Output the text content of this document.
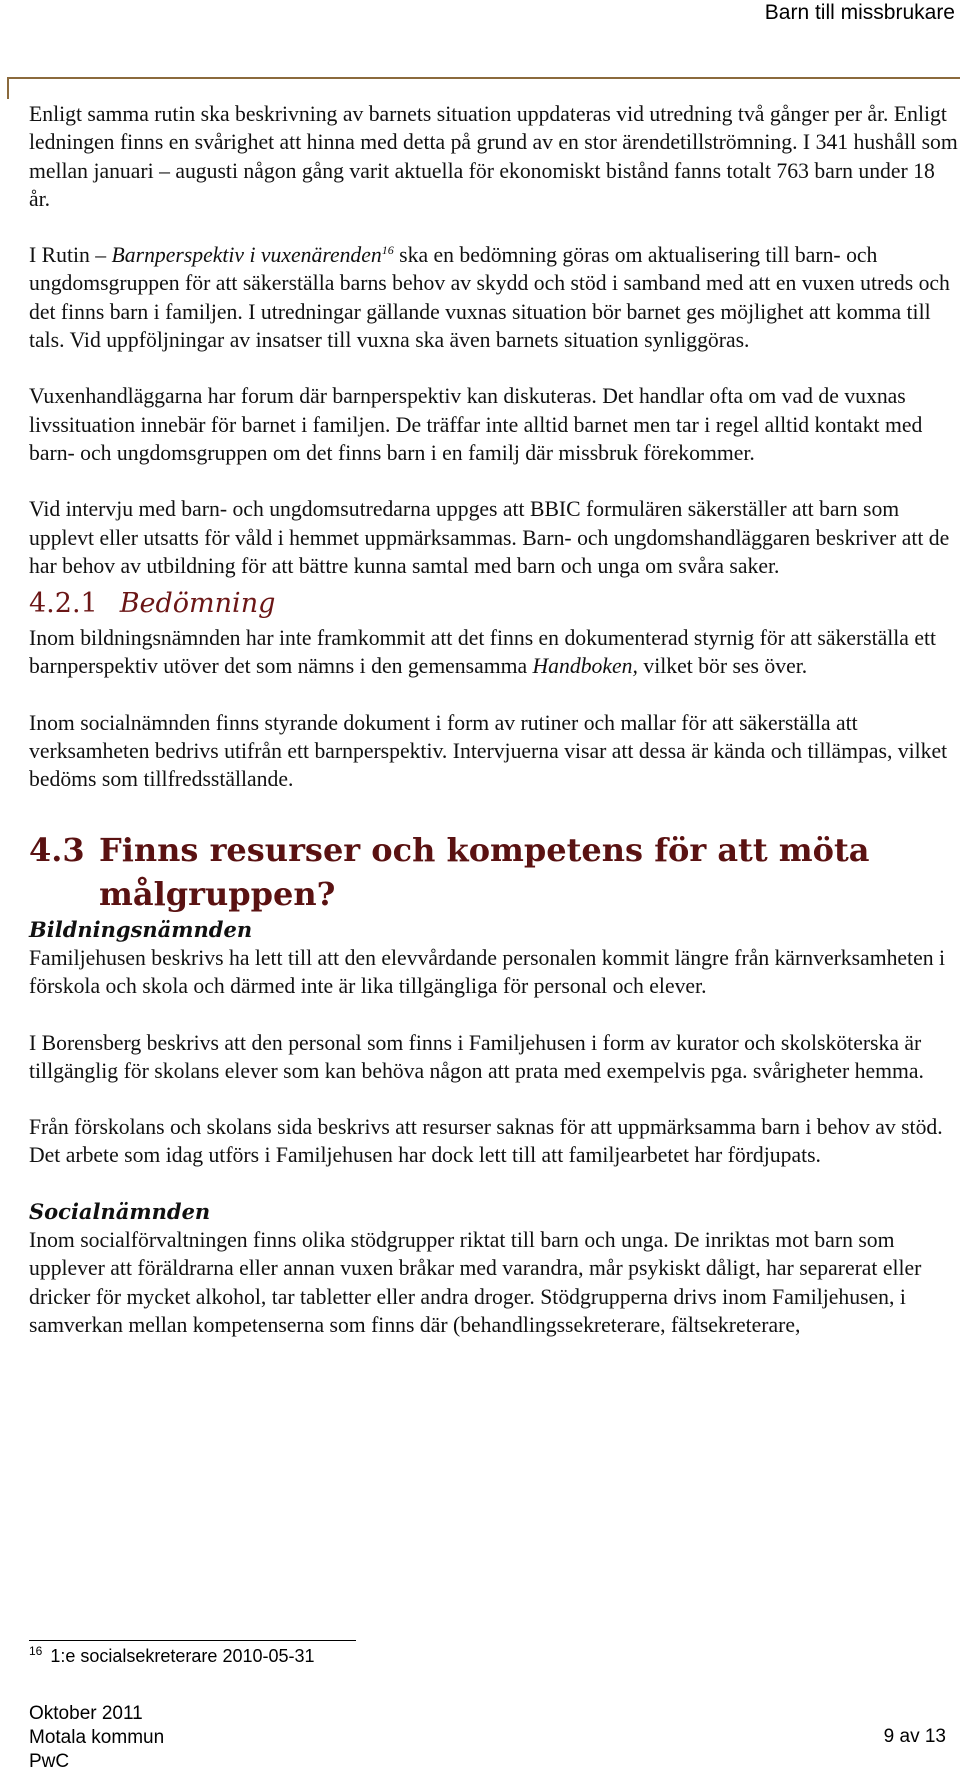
Barn till missbrukare

Enligt samma rutin ska beskrivning av barnets situation uppdateras vid utredning två gånger per år. Enligt ledningen finns en svårighet att hinna med detta på grund av en stor ärendetillströmning. I 341 hushåll som mellan januari – augusti någon gång varit aktuella för ekonomiskt bistånd fanns totalt 763 barn under 18 år.

I Rutin – Barnperspektiv i vuxenärenden$^{16}$ ska en bedömning göras om aktualisering till barn- och ungdomsgruppen för att säkerställa barns behov av skydd och stöd i samband med att en vuxen utreds och det finns barn i familjen. I utredningar gällande vuxnas situation bör barnet ges möjlighet att komma till tals. Vid uppföljningar av insatser till vuxna ska även barnets situation synliggöras.

Vuxenhandläggarna har forum där barnperspektiv kan diskuteras. Det handlar ofta om vad de vuxnas livssituation innebär för barnet i familjen. De träffar inte alltid barnet men tar i regel alltid kontakt med barn- och ungdomsgruppen om det finns barn i en familj där missbruk förekommer.

Vid intervju med barn- och ungdomsutredarna uppges att BBIC formulären säkerställer att barn som upplevt eller utsatts för våld i hemmet uppmärksammas. Barn- och ungdomshandläggaren beskriver att de har behov av utbildning för att bättre kunna samtal med barn och unga om svåra saker.

4.2.1 Bedömning

Inom bildningsnämnden har inte framkommit att det finns en dokumenterad styrnig för att säkerställa ett barnperspektiv utöver det som nämns i den gemensamma Handboken, vilket bör ses över.

Inom socialnämnden finns styrande dokument i form av rutiner och mallar för att säkerställa att verksamheten bedrivs utifrån ett barnperspektiv. Intervjuerna visar att dessa är kända och tillämpas, vilket bedöms som tillfredsställande.

4.3 Finns resurser och kompetens för att möta målgruppen?

Bildningsnämnden

Familjehusen beskrivs ha lett till att den elevvårdande personalen kommit längre från kärnverksamheten i förskola och skola och därmed inte är lika tillgängliga för personal och elever.

I Borensberg beskrivs att den personal som finns i Familjehusen i form av kurator och skolsköterska är tillgänglig för skolans elever som kan behöva någon att prata med exempelvis pga. svårigheter hemma.

Från förskolans och skolans sida beskrivs att resurser saknas för att uppmärksamma barn i behov av stöd. Det arbete som idag utförs i Familjehusen har dock lett till att familjearbetet har fördjupats.

Socialnämnden

Inom socialförvaltningen finns olika stödgrupper riktat till barn och unga. De inriktas mot barn som upplever att föräldrarna eller annan vuxen bråkar med varandra, mår psykiskt dåligt, har separerat eller dricker för mycket alkohol, tar tabletter eller andra droger. Stödgrupperna drivs inom Familjehusen, i samverkan mellan kompetenserna som finns där (behandlingssekreterare, fältsekreterare,

$^{16}$ 1:e socialsekreterare 2010-05-31
Oktober 2011
Motala kommun
PwC
9 av 13
